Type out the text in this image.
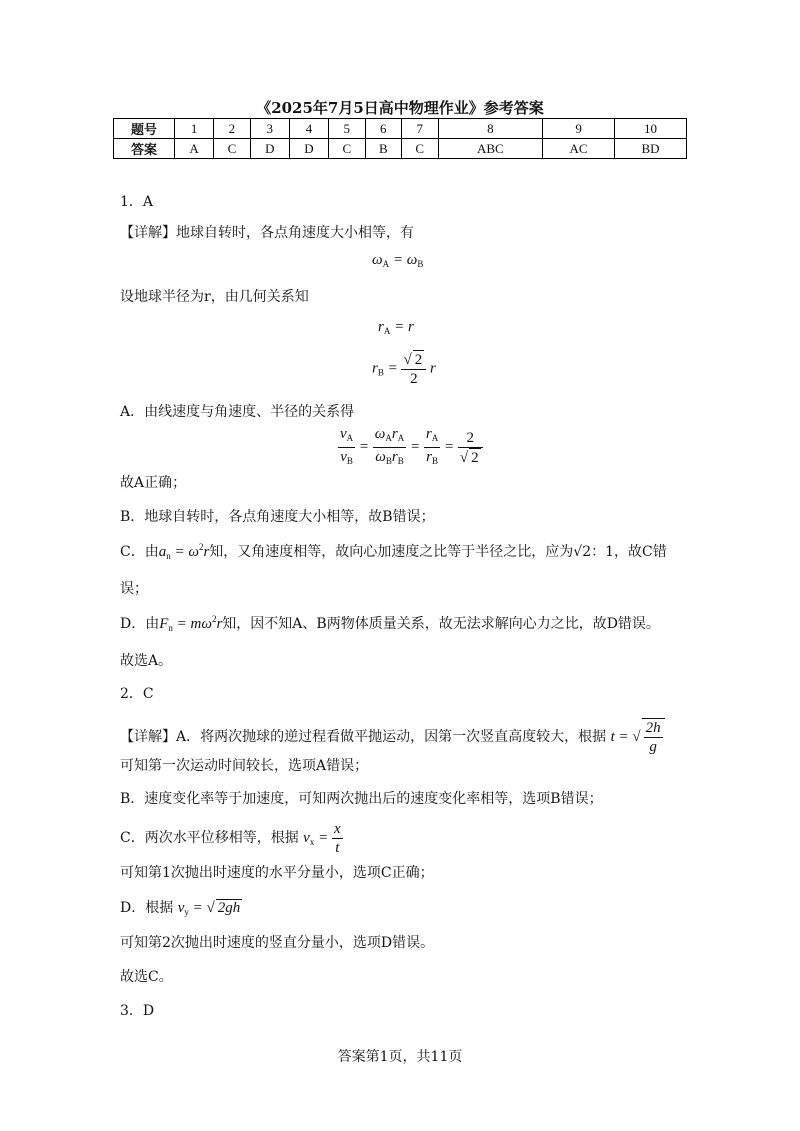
《2025年7月5日高中物理作业》参考答案
题号	1	2	3	4	5	6	7	8	9	10
答案	A	C	D	D	C	B	C	ABC	AC	BD
1．A
【详解】地球自转时，各点角速度大小相等，有
$\omega_A = \omega_B$
设地球半径为r，由几何关系知
$r_A = r$
$r_B = \frac{√ 2}{2}$ r
A．由线速度与角速度、半径的关系得
$\frac{v_A}{v_B} = \frac{\omega_Ar_A}{\omega_Br_B} = \frac{r_A}{r_B} = \frac{2}{√ 2}$
故A正确；
B．地球自转时，各点角速度大小相等，故B错误；
C．由$a_n = \omega^2r$知，又角速度相等，故向心加速度之比等于半径之比，应为√2：1，故C错
误；
D．由$F_n = m\omega^2r$知，因不知A、B两物体质量关系，故无法求解向心力之比，故D错误。
故选A。
2．C
【详解】A．将两次抛球的逆过程看做平抛运动，因第一次竖直高度较大，根据 t = √ $\frac{2h}{g}$
可知第一次运动时间较长，选项A错误；
B．速度变化率等于加速度，可知两次抛出后的速度变化率相等，选项B错误；
C．两次水平位移相等，根据 $v_x = \frac{x}{t}$
可知第1次抛出时速度的水平分量小，选项C正确；
D．根据 $v_y$ = √ 2gh
可知第2次抛出时速度的竖直分量小，选项D错误。
故选C。
3．D
答案第1页，共11页
